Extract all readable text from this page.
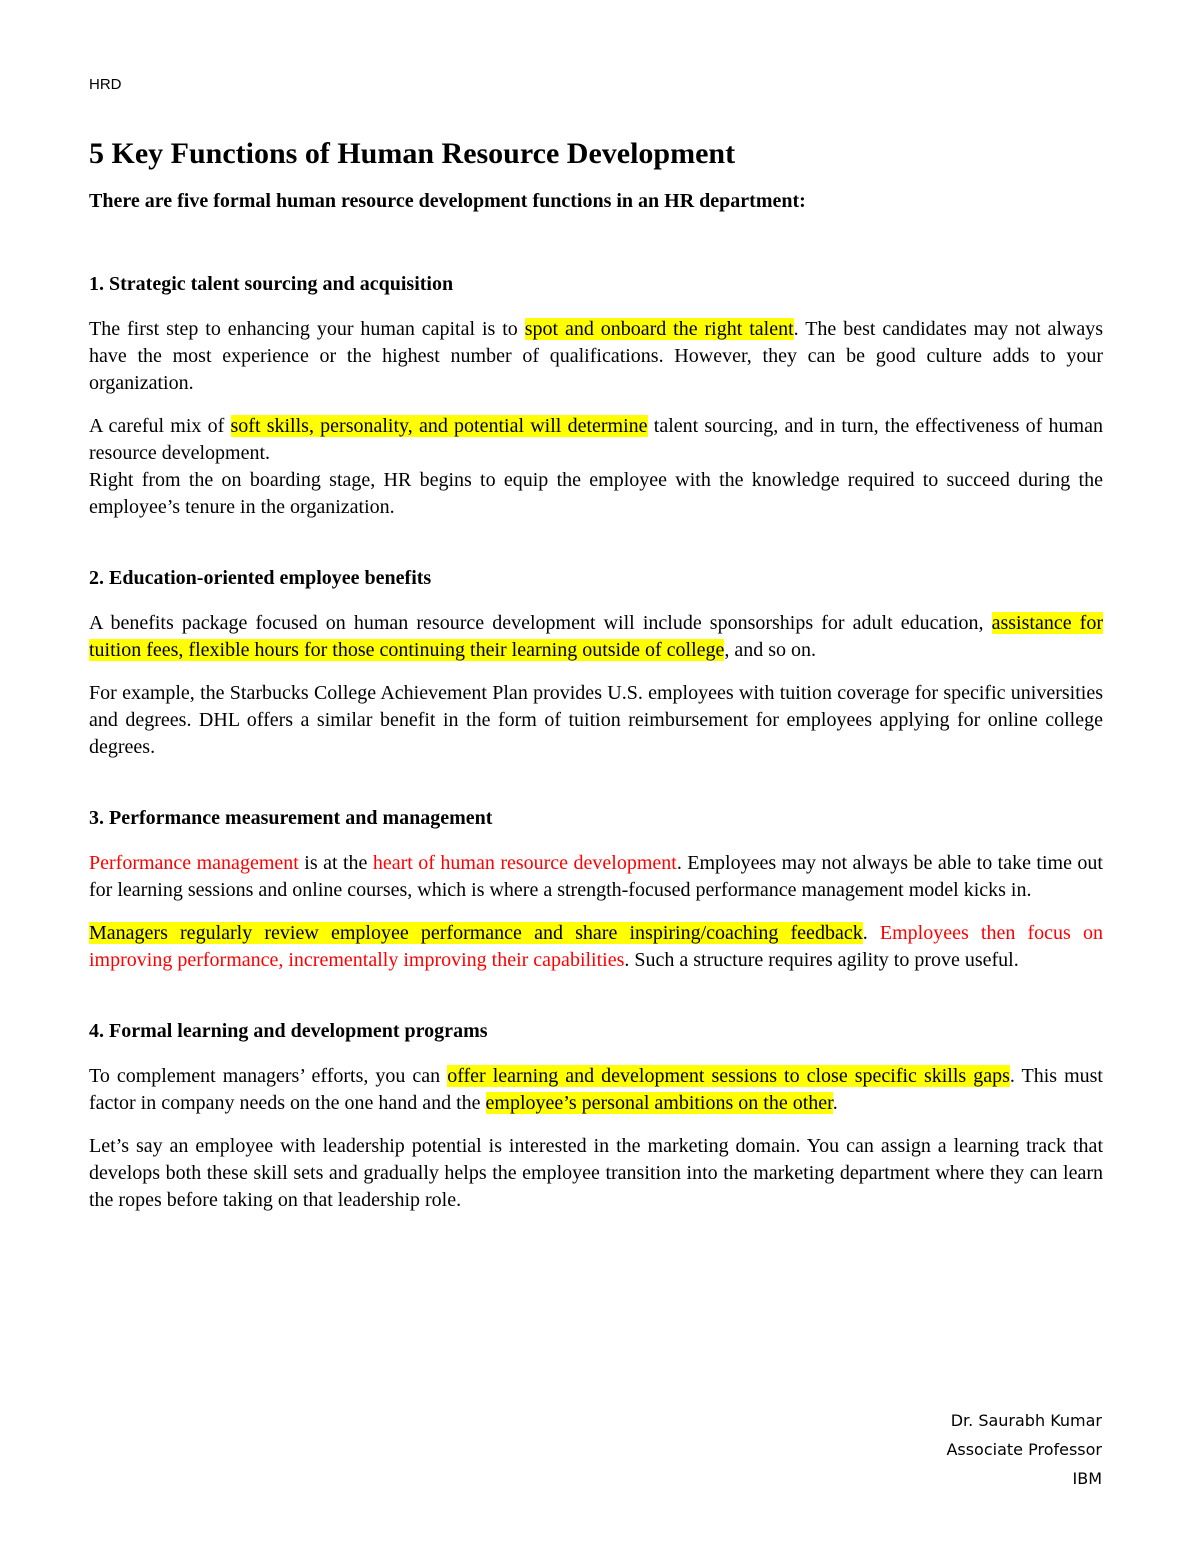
HRD
5 Key Functions of Human Resource Development
There are five formal human resource development functions in an HR department:
1. Strategic talent sourcing and acquisition

The first step to enhancing your human capital is to spot and onboard the right talent. The best candidates may not always have the most experience or the highest number of qualifications. However, they can be good culture adds to your organization.

A careful mix of soft skills, personality, and potential will determine talent sourcing, and in turn, the effectiveness of human resource development.

Right from the on boarding stage, HR begins to equip the employee with the knowledge required to succeed during the employee’s tenure in the organization.

2. Education-oriented employee benefits

A benefits package focused on human resource development will include sponsorships for adult education, assistance for tuition fees, flexible hours for those continuing their learning outside of college, and so on.

For example, the Starbucks College Achievement Plan provides U.S. employees with tuition coverage for specific universities and degrees. DHL offers a similar benefit in the form of tuition reimbursement for employees applying for online college degrees.

3. Performance measurement and management

Performance management is at the heart of human resource development. Employees may not always be able to take time out for learning sessions and online courses, which is where a strength-focused performance management model kicks in.

Managers regularly review employee performance and share inspiring/coaching feedback. Employees then focus on improving performance, incrementally improving their capabilities. Such a structure requires agility to prove useful.

4. Formal learning and development programs

To complement managers’ efforts, you can offer learning and development sessions to close specific skills gaps. This must factor in company needs on the one hand and the employee’s personal ambitions on the other.

Let’s say an employee with leadership potential is interested in the marketing domain. You can assign a learning track that develops both these skill sets and gradually helps the employee transition into the marketing department where they can learn the ropes before taking on that leadership role.

Dr. Saurabh Kumar
Associate Professor
IBM
